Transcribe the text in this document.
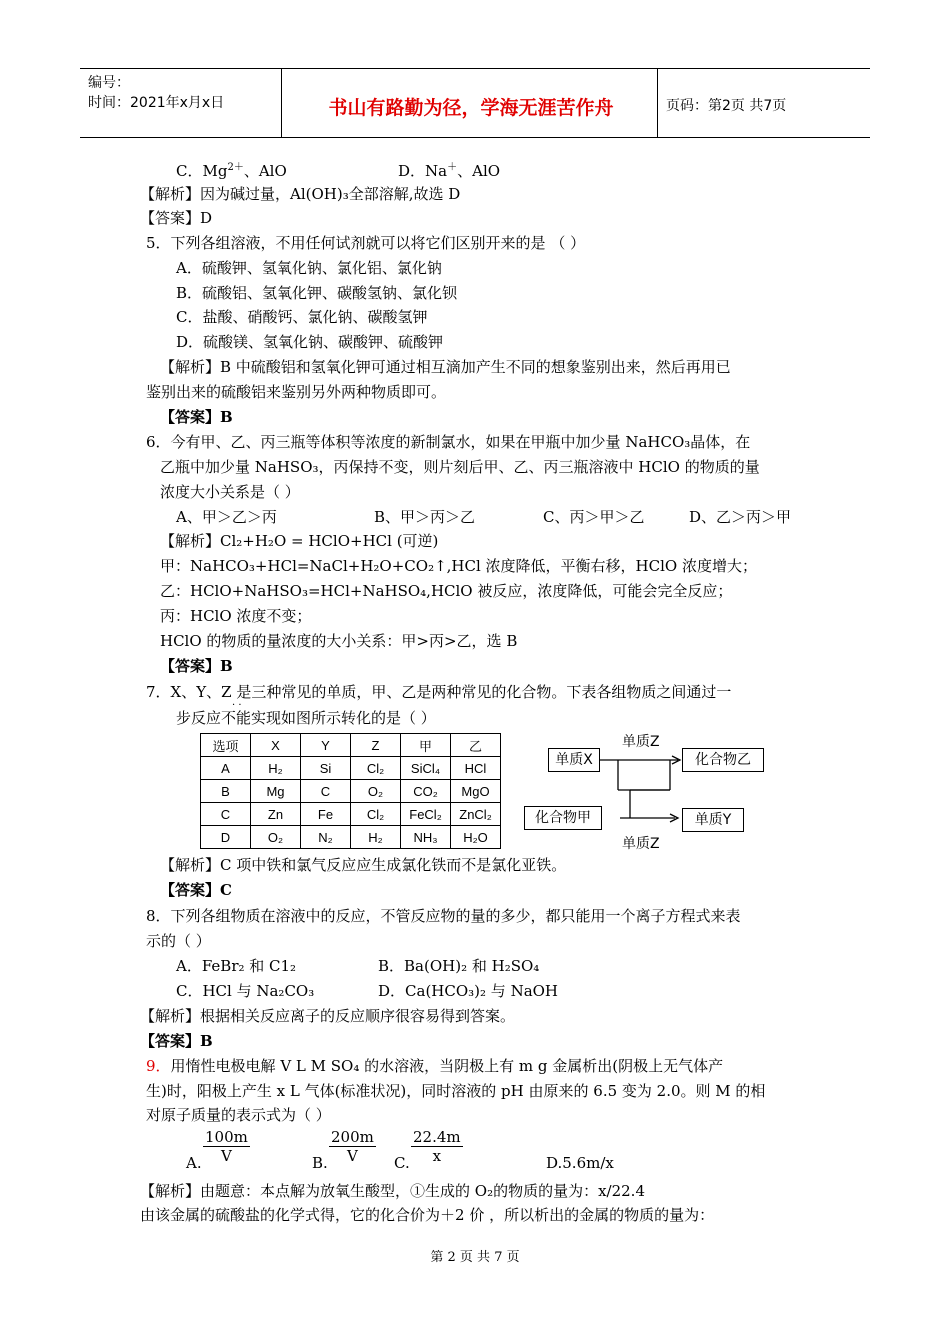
编号：
时间：2021年x月x日	书山有路勤为径，学海无涯苦作舟	页码：第2页 共7页
C．$Mg^{2+}$、AlO	D．Na＋、AlO
【解析】因为碱过量，Al(OH)₃全部溶解,故选 D
【答案】D
5．下列各组溶液，不用任何试剂就可以将它们区别开来的是 （ ）
A．硫酸钾、氢氧化钠、氯化铝、氯化钠
B．硫酸铝、氢氧化钾、碳酸氢钠、氯化钡
C．盐酸、硝酸钙、氯化钠、碳酸氢钾
D．硫酸镁、氢氧化钠、碳酸钾、硫酸钾
【解析】B 中硫酸铝和氢氧化钾可通过相互滴加产生不同的想象鉴别出来，然后再用已
鉴别出来的硫酸铝来鉴别另外两种物质即可。
【答案】B
6．今有甲、乙、丙三瓶等体积等浓度的新制氯水，如果在甲瓶中加少量 NaHCO₃晶体，在
乙瓶中加少量 NaHSO₃，丙保持不变，则片刻后甲、乙、丙三瓶溶液中 HClO 的物质的量
浓度大小关系是（ ）
A、甲＞乙＞丙	B、甲＞丙＞乙	C、丙＞甲＞乙	D、乙＞丙＞甲
【解析】Cl₂+H₂O = HClO+HCl (可逆)
甲：NaHCO₃+HCl=NaCl+H₂O+CO₂↑,HCl 浓度降低，平衡右移，HClO 浓度增大；
乙：HClO+NaHSO₃=HCl+NaHSO₄,HClO 被反应，浓度降低，可能会完全反应；
丙：HClO 浓度不变；
HClO 的物质的量浓度的大小关系：甲>丙>乙，选 B
【答案】B
7．X、Y、Z 是三种常见的单质，甲、乙是两种常见的化合物。下表各组物质之间通过一
步反应不能实现如图所示转化的是（ ）
· ·
选项	X	Y	Z	甲	乙
A	H₂	Si	Cl₂	SiCl₄	HCl
B	Mg	C	O₂	CO₂	MgO
C	Zn	Fe	Cl₂	FeCl₂	ZnCl₂
D	O₂	N₂	H₂	NH₃	H₂O
单质Z
单质Z
单质X	化合物乙
化合物甲	单质Y
【解析】C 项中铁和氯气反应应生成氯化铁而不是氯化亚铁。
【答案】C
8．下列各组物质在溶液中的反应，不管反应物的量的多少，都只能用一个离子方程式来表
示的（ ）
A．FeBr₂ 和 C1₂	B．Ba(OH)₂ 和 H₂SO₄
C．HCl 与 Na₂CO₃	D．Ca(HCO₃)₂ 与 NaOH
【解析】根据相关反应离子的反应顺序很容易得到答案。
【答案】B
9．用惰性电极电解 V L M SO₄ 的水溶液，当阴极上有 m g 金属析出(阴极上无气体产
生)时，阳极上产生 x L 气体(标准状况)，同时溶液的 pH 由原来的 6.5 变为 2.0。则 M 的相
对原子质量的表示式为（ ）
A. $\frac{100m}{V}$	B. $\frac{200m}{V} C$. $\frac{22.4m}{x}$	D.5.6m/x
【解析】由题意：本点解为放氧生酸型，①生成的 O₂的物质的量为：x/22.4
由该金属的硫酸盐的化学式得，它的化合价为＋2 价 ，所以析出的金属的物质的量为：
第 2 页 共 7 页
